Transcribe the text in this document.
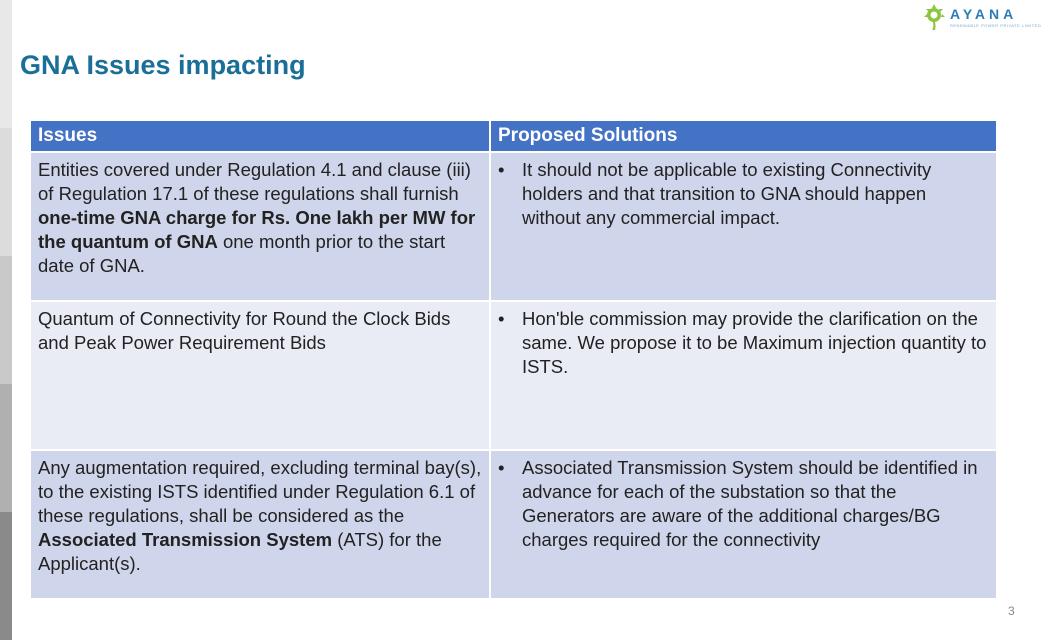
AYANA
RENEWABLE POWER PRIVATE LIMITED
GNA Issues impacting
Issues	Proposed Solutions
Entities covered under Regulation 4.1 and clause (iii) of Regulation 17.1 of these regulations shall furnish one-time GNA charge for Rs. One lakh per MW for the quantum of GNA one month prior to the start date of GNA.	• It should not be applicable to existing Connectivity holders and that transition to GNA should happen without any commercial impact.

Quantum of Connectivity for Round the Clock Bids and Peak Power Requirement Bids	• Hon'ble commission may provide the clarification on the same. We propose it to be Maximum injection quantity to ISTS.

Any augmentation required, excluding terminal bay(s), to the existing ISTS identified under Regulation 6.1 of these regulations, shall be considered as the Associated Transmission System (ATS) for the Applicant(s).	• Associated Transmission System should be identified in advance for each of the substation so that the Generators are aware of the additional charges/BG charges required for the connectivity
3
